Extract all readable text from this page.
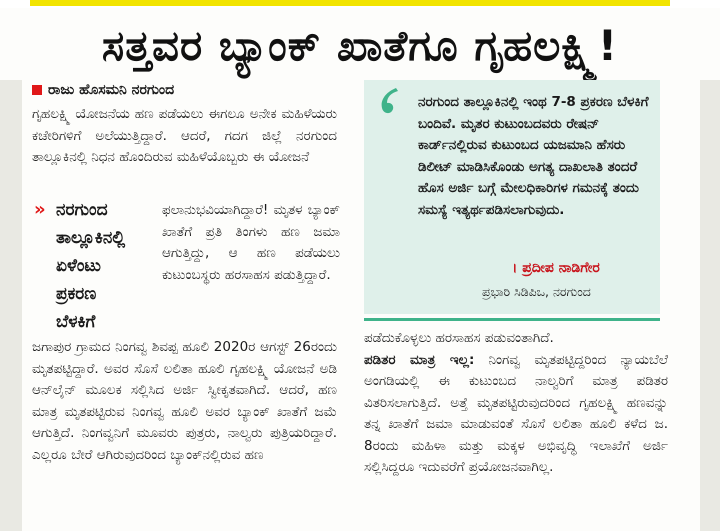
ಸತ್ತವರ ಬ್ಯಾಂಕ್ ಖಾತೆಗೂ ಗೃಹಲಕ್ಷ್ಮಿ!
ರಾಜು ಹೊಸಮನಿ ನರಗುಂದ

ಗೃಹಲಕ್ಷ್ಮಿ ಯೋಜನೆಯ ಹಣ ಪಡೆಯಲು ಈಗಲೂ ಅನೇಕ ಮಹಿಳೆಯರು ಕಚೇರಿಗಳಿಗೆ ಅಲೆಯುತ್ತಿದ್ದಾರೆ. ಆದರೆ, ಗದಗ ಜಿಲ್ಲೆ ನರಗುಂದ ತಾಲ್ಲೂಕಿನಲ್ಲಿ ನಿಧನ ಹೊಂದಿರುವ ಮಹಿಳೆಯೊಬ್ಬರು ಈ ಯೋಜನೆ

» ನರಗುಂದ
ತಾಲ್ಲೂಕಿನಲ್ಲಿ
ಏಳೆಂಟು
ಪ್ರಕರಣ
ಬೆಳಕಿಗೆ

ಫಲಾನುಭವಿಯಾಗಿದ್ದಾರೆ! ಮೃತಳ ಬ್ಯಾಂಕ್ ಖಾತೆಗೆ ಪ್ರತಿ ತಿಂಗಳು ಹಣ ಜಮಾ ಆಗುತ್ತಿದ್ದು, ಆ ಹಣ ಪಡೆಯಲು ಕುಟುಂಬಸ್ಥರು ಹರಸಾಹಸ ಪಡುತ್ತಿದ್ದಾರೆ.

ಜಗಾಪುರ ಗ್ರಾಮದ ನಿಂಗವ್ವ ಶಿವಪ್ಪ ಹೂಲಿ 2020ರ ಆಗಸ್ಟ್ 26ರಂದು ಮೃತಪಟ್ಟಿದ್ದಾರೆ. ಅವರ ಸೊಸೆ ಲಲಿತಾ ಹೂಲಿ ಗೃಹಲಕ್ಷ್ಮಿ ಯೋಜನೆ ಅಡಿ ಆನ್‌ಲೈನ್ ಮೂಲಕ ಸಲ್ಲಿಸಿದ ಅರ್ಜಿ ಸ್ವೀಕೃತವಾಗಿದೆ. ಆದರೆ, ಹಣ ಮಾತ್ರ ಮೃತಪಟ್ಟಿರುವ ನಿಂಗವ್ವ ಹೂಲಿ ಅವರ ಬ್ಯಾಂಕ್ ಖಾತೆಗೆ ಜಮೆ ಆಗುತ್ತಿದೆ. ನಿಂಗವ್ವನಿಗೆ ಮೂವರು ಪುತ್ರರು, ನಾಲ್ವರು ಪುತ್ರಿಯರಿದ್ದಾರೆ. ಎಲ್ಲರೂ ಬೇರೆ ಆಗಿರುವುದರಿಂದ ಬ್ಯಾಂಕ್‌ನಲ್ಲಿರುವ ಹಣ

ನರಗುಂದ ತಾಲ್ಲೂಕಿನಲ್ಲಿ ಇಂಥ 7-8 ಪ್ರಕರಣ ಬೆಳಕಿಗೆ ಬಂದಿವೆ. ಮೃತರ ಕುಟುಂಬದವರು ರೇಷನ್ ಕಾರ್ಡ್‌ನಲ್ಲಿರುವ ಕುಟುಂಬದ ಯಜಮಾನಿ ಹೆಸರು ಡಿಲೀಟ್ ಮಾಡಿಸಿಕೊಂಡು ಅಗತ್ಯ ದಾಖಲಾತಿ ತಂದರೆ ಹೊಸ ಅರ್ಜಿ ಬಗ್ಗೆ ಮೇಲಧಿಕಾರಿಗಳ ಗಮನಕ್ಕೆ ತಂದು ಸಮಸ್ಯೆ ಇತ್ಯರ್ಥಪಡಿಸಲಾಗುವುದು.

। ಪ್ರದೀಪ ನಾಡಿಗೇರ
ಪ್ರಭಾರಿ ಸಿಡಿಪಿಒ, ನರಗುಂದ

ಪಡೆದುಕೊಳ್ಳಲು ಹರಸಾಹಸ ಪಡುವಂತಾಗಿದೆ.
ಪಡಿತರ ಮಾತ್ರ ಇಲ್ಲ: ನಿಂಗವ್ವ ಮೃತಪಟ್ಟಿದ್ದರಿಂದ ನ್ಯಾಯಬೆಲೆ ಅಂಗಡಿಯಲ್ಲಿ ಈ ಕುಟುಂಬದ ನಾಲ್ವರಿಗೆ ಮಾತ್ರ ಪಡಿತರ ವಿತರಿಸಲಾಗುತ್ತಿದೆ. ಅತ್ತೆ ಮೃತಪಟ್ಟಿರುವುದರಿಂದ ಗೃಹಲಕ್ಷ್ಮಿ ಹಣವನ್ನು ತನ್ನ ಖಾತೆಗೆ ಜಮಾ ಮಾಡುವಂತೆ ಸೊಸೆ ಲಲಿತಾ ಹೂಲಿ ಕಳೆದ ಜ. 8ರಂದು ಮಹಿಳಾ ಮತ್ತು ಮಕ್ಕಳ ಅಭಿವೃದ್ಧಿ ಇಲಾಖೆಗೆ ಅರ್ಜಿ ಸಲ್ಲಿಸಿದ್ದರೂ ಇದುವರೆಗೆ ಪ್ರಯೋಜನವಾಗಿಲ್ಲ.
